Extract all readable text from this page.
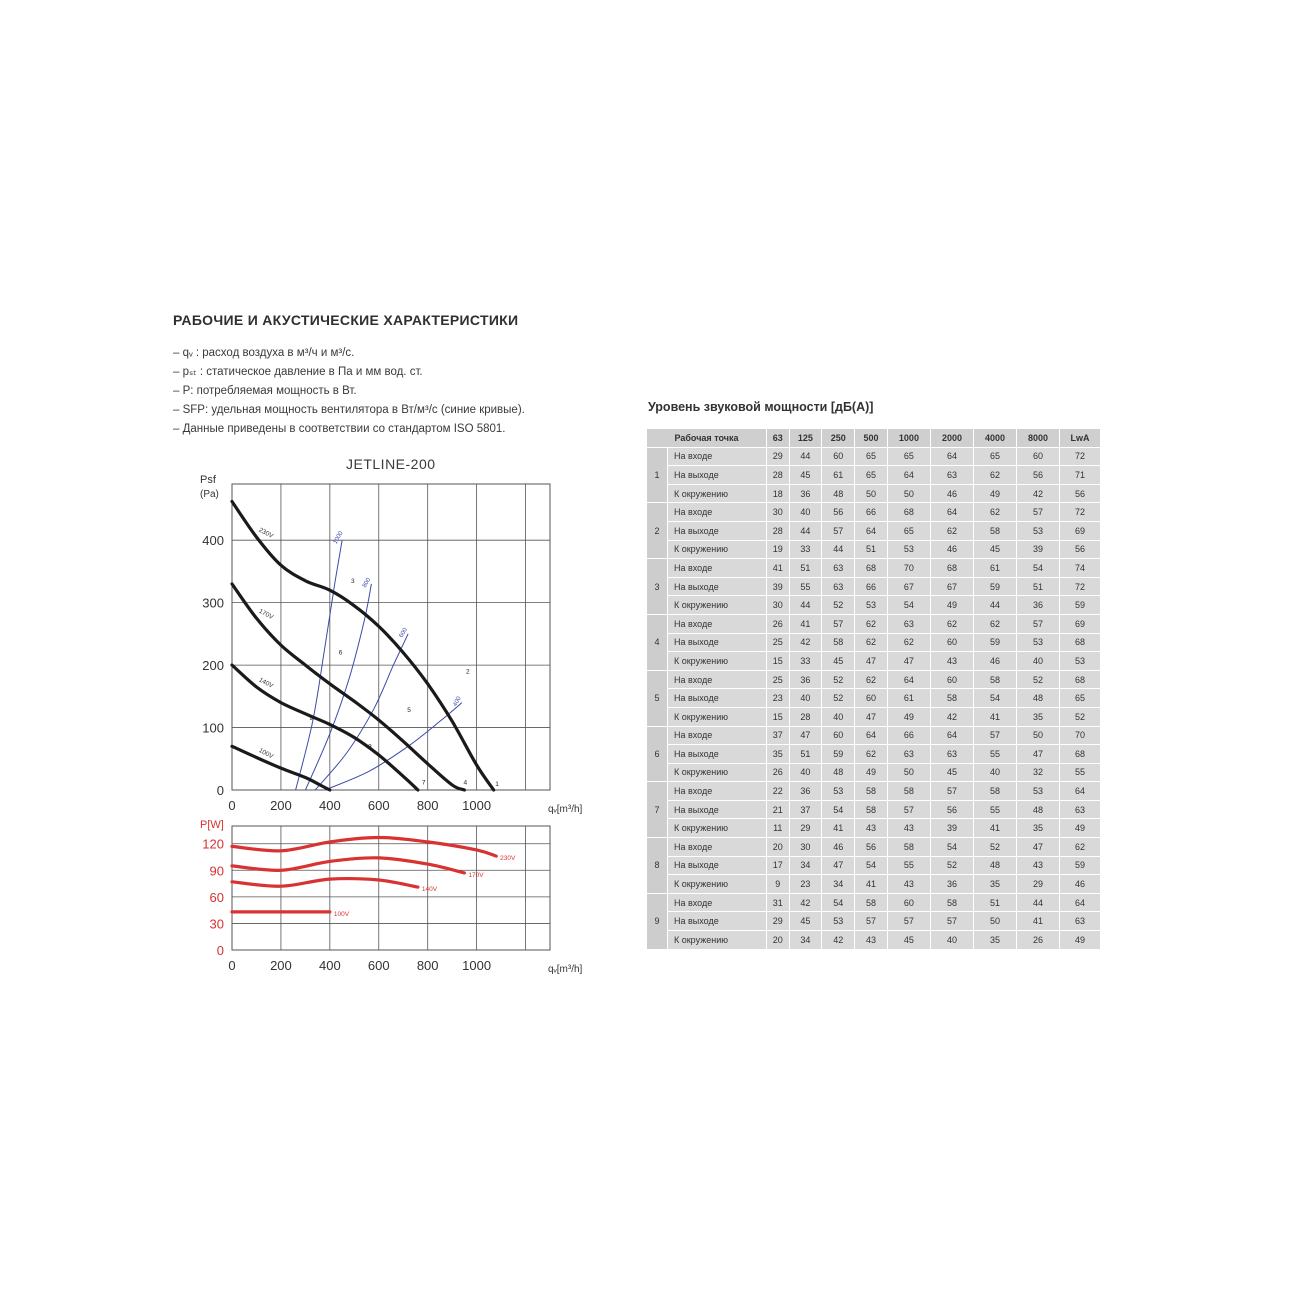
РАБОЧИЕ И АКУСТИЧЕСКИЕ ХАРАКТЕРИСТИКИ
– qᵥ : расход воздуха в м³/ч и м³/с.
– pₛₜ : статическое давление в Па и мм вод. ст.
– P: потребляемая мощность в Вт.
– SFP: удельная мощность вентилятора в Вт/м³/с (синие кривые).
– Данные приведены в соответствии со стандартом ISO 5801.
JETLINE-200
0	200 400 600 800 1000
0
100
200
300
400
Psf
(Pa)
qᵥ[m³/h]
1000
800
600
400
230V
170V
140V
100V
1
2
3
4
5
6
7
8
9
0	200 400 600 800 1000
0
30
60
90
120
P[W]
qᵥ[m³/h]
230V
170V
140V
100V
Уровень звуковой мощности [дБ(А)]
Рабочая точка		63	125	250	500	1000	2000	4000	8000	LwA
1	На входе	29	44	60	65	65	64	65	60	72
	На выходе	28	45	61	65	64	63	62	56	71
	К окружению	18	36	48	50	50	46	49	42	56
2	На входе	30	40	56	66	68	64	62	57	72
	На выходе	28	44	57	64	65	62	58	53	69
	К окружению	19	33	44	51	53	46	45	39	56
3	На входе	41	51	63	68	70	68	61	54	74
	На выходе	39	55	63	66	67	67	59	51	72
	К окружению	30	44	52	53	54	49	44	36	59
4	На входе	26	41	57	62	63	62	62	57	69
	На выходе	25	42	58	62	62	60	59	53	68
	К окружению	15	33	45	47	47	43	46	40	53
5	На входе	25	36	52	62	64	60	58	52	68
	На выходе	23	40	52	60	61	58	54	48	65
	К окружению	15	28	40	47	49	42	41	35	52
6	На входе	37	47	60	64	66	64	57	50	70
	На выходе	35	51	59	62	63	63	55	47	68
	К окружению	26	40	48	49	50	45	40	32	55
7	На входе	22	36	53	58	58	57	58	53	64
	На выходе	21	37	54	58	57	56	55	48	63
	К окружению	11	29	41	43	43	39	41	35	49
8	На входе	20	30	46	56	58	54	52	47	62
	На выходе	17	34	47	54	55	52	48	43	59
	К окружению	9	23	34	41	43	36	35	29	46
9	На входе	31	42	54	58	60	58	51	44	64
	На выходе	29	45	53	57	57	57	50	41	63
	К окружению	20	34	42	43	45	40	35	26	49
